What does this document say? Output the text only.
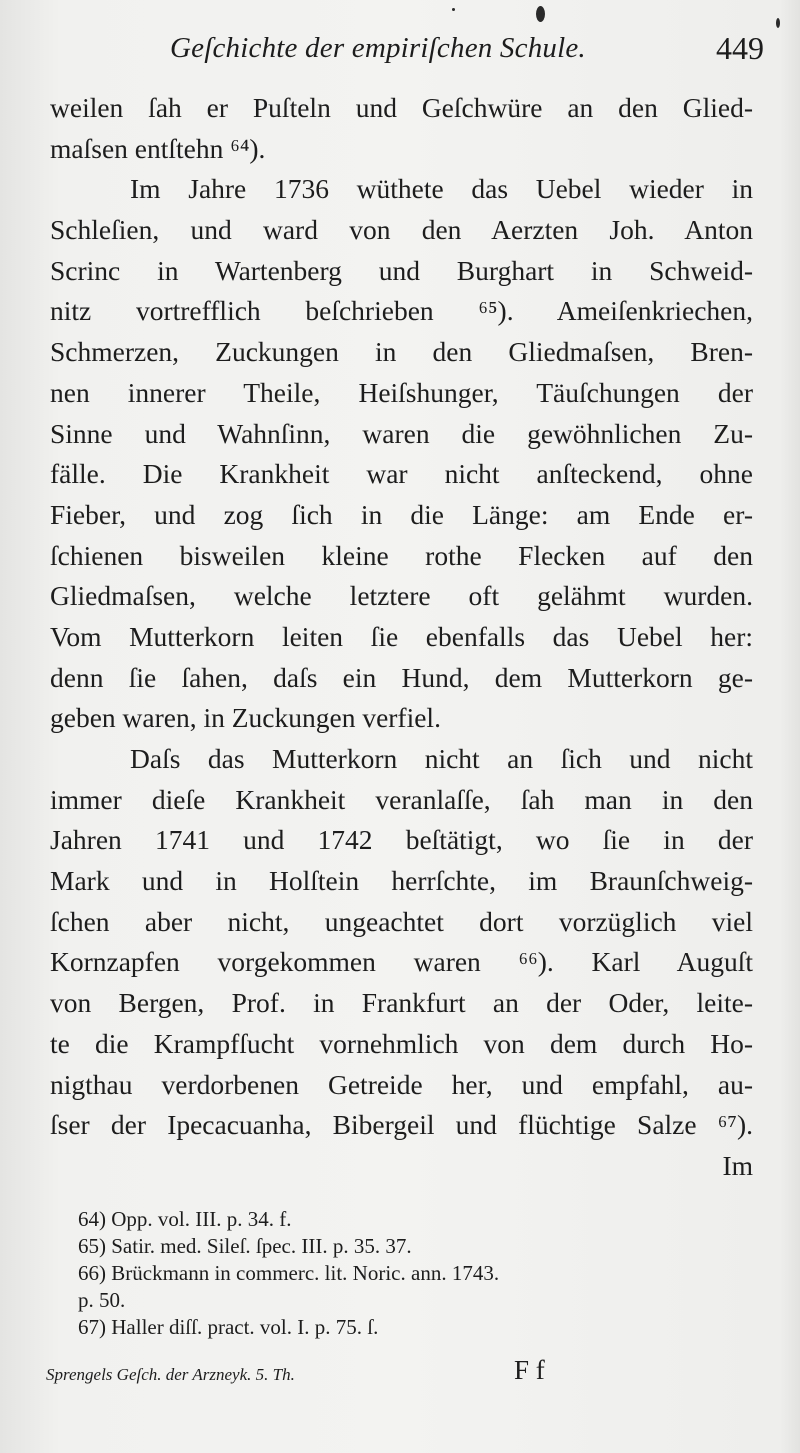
Geſchichte der empiriſchen Schule.	449
weilen ſah er Puſteln und Geſchwüre an den Glied-
maſsen entſtehn ⁶⁴).
Im Jahre 1736 wüthete das Uebel wieder in
Schleſien, und ward von den Aerzten Joh. Anton
Scrinc in Wartenberg und Burghart in Schweid-
nitz vortrefflich beſchrieben ⁶⁵). Ameiſenkriechen,
Schmerzen, Zuckungen in den Gliedmaſsen, Bren-
nen innerer Theile, Heiſshunger, Täuſchungen der
Sinne und Wahnſinn, waren die gewöhnlichen Zu-
fälle. Die Krankheit war nicht anſteckend, ohne
Fieber, und zog ſich in die Länge: am Ende er-
ſchienen bisweilen kleine rothe Flecken auf den
Gliedmaſsen, welche letztere oft gelähmt wurden.
Vom Mutterkorn leiten ſie ebenfalls das Uebel her:
denn ſie ſahen, daſs ein Hund, dem Mutterkorn ge-
geben waren, in Zuckungen verfiel.
Daſs das Mutterkorn nicht an ſich und nicht
immer dieſe Krankheit veranlaſſe, ſah man in den
Jahren 1741 und 1742 beſtätigt, wo ſie in der
Mark und in Holſtein herrſchte, im Braunſchweig-
ſchen aber nicht, ungeachtet dort vorzüglich viel
Kornzapfen vorgekommen waren ⁶⁶). Karl Auguſt
von Bergen, Prof. in Frankfurt an der Oder, leite-
te die Krampfſucht vornehmlich von dem durch Ho-
nigthau verdorbenen Getreide her, und empfahl, au-
ſser der Ipecacuanha, Bibergeil und flüchtige Salze ⁶⁷).
Im
64) Opp. vol. III. p. 34. f.
65) Satir. med. Sileſ. ſpec. III. p. 35. 37.
66) Brückmann in commerc. lit. Noric. ann. 1743.
p. 50.
67) Haller diſſ. pract. vol. I. p. 75. ſ.
Sprengels Geſch. der Arzneyk. 5. Th.	F f
